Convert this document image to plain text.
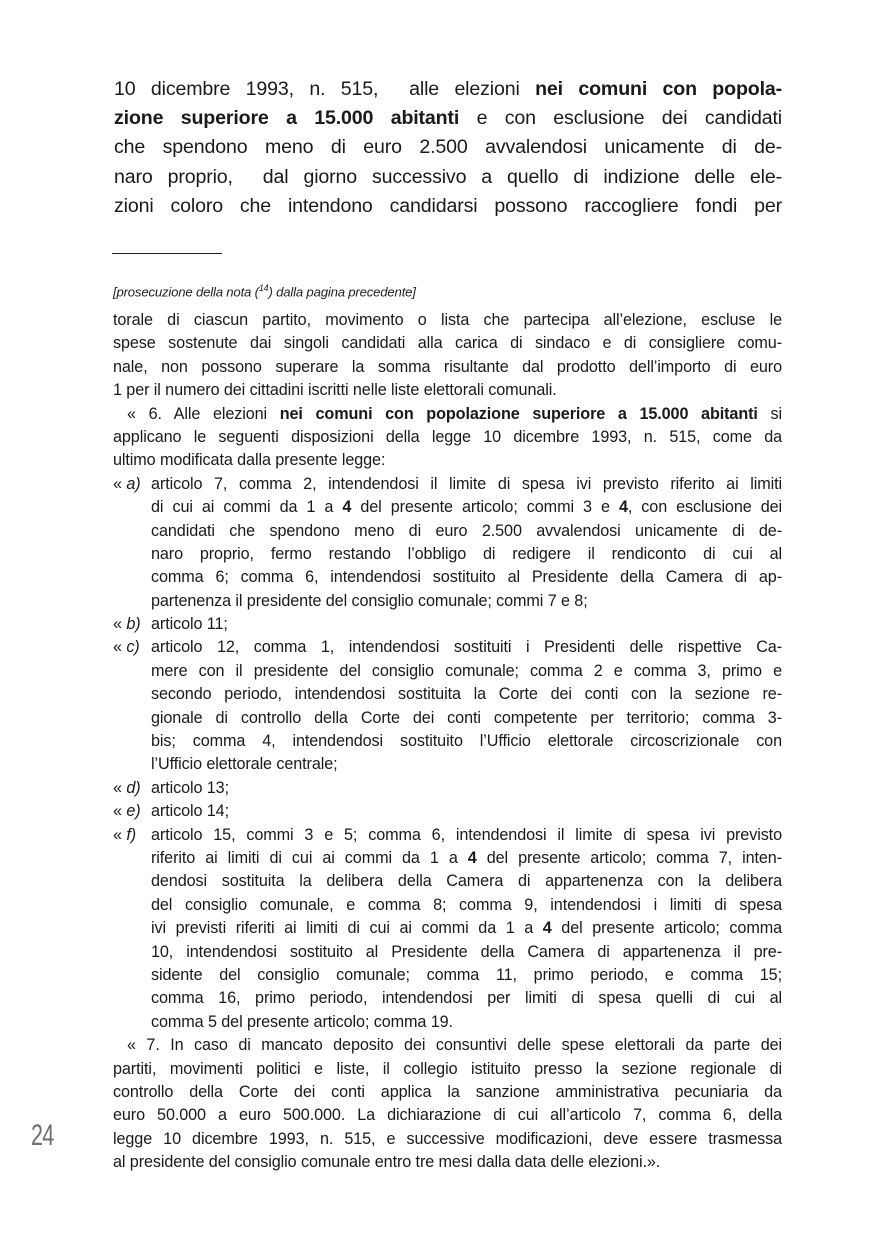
10 dicembre 1993, n. 515,  alle elezioni nei comuni con popola-
zione superiore a 15.000 abitanti e con esclusione dei candidati
che spendono meno di euro 2.500 avvalendosi unicamente di de-
naro proprio,  dal giorno successivo a quello di indizione delle ele-
zioni coloro che intendono candidarsi possono raccogliere fondi per
[prosecuzione della nota ($^{14}$) dalla pagina precedente]
torale di ciascun partito, movimento o lista che partecipa all’elezione, escluse le
spese sostenute dai singoli candidati alla carica di sindaco e di consigliere comu-
nale, non possono superare la somma risultante dal prodotto dell’importo di euro
1 per il numero dei cittadini iscritti nelle liste elettorali comunali.
« 6. Alle elezioni nei comuni con popolazione superiore a 15.000 abitanti si
applicano le seguenti disposizioni della legge 10 dicembre 1993, n. 515, come da
ultimo modificata dalla presente legge:
« a) articolo 7, comma 2, intendendosi il limite di spesa ivi previsto riferito ai limiti
di cui ai commi da 1 a 4 del presente articolo; commi 3 e 4, con esclusione dei
candidati che spendono meno di euro 2.500 avvalendosi unicamente di de-
naro proprio, fermo restando l’obbligo di redigere il rendiconto di cui al
comma 6; comma 6, intendendosi sostituito al Presidente della Camera di ap-
partenenza il presidente del consiglio comunale; commi 7 e 8;
« b) articolo 11;
« c) articolo 12, comma 1, intendendosi sostituiti i Presidenti delle rispettive Ca-
mere con il presidente del consiglio comunale; comma 2 e comma 3, primo e
secondo periodo, intendendosi sostituita la Corte dei conti con la sezione re-
gionale di controllo della Corte dei conti competente per territorio; comma 3-
bis; comma 4, intendendosi sostituito l’Ufficio elettorale circoscrizionale con
l’Ufficio elettorale centrale;
« d) articolo 13;
« e) articolo 14;
« f) articolo 15, commi 3 e 5; comma 6, intendendosi il limite di spesa ivi previsto
riferito ai limiti di cui ai commi da 1 a 4 del presente articolo; comma 7, inten-
dendosi sostituita la delibera della Camera di appartenenza con la delibera
del consiglio comunale, e comma 8; comma 9, intendendosi i limiti di spesa
ivi previsti riferiti ai limiti di cui ai commi da 1 a 4 del presente articolo; comma
10, intendendosi sostituito al Presidente della Camera di appartenenza il pre-
sidente del consiglio comunale; comma 11, primo periodo, e comma 15;
comma 16, primo periodo, intendendosi per limiti di spesa quelli di cui al
comma 5 del presente articolo; comma 19.
« 7. In caso di mancato deposito dei consuntivi delle spese elettorali da parte dei
partiti, movimenti politici e liste, il collegio istituito presso la sezione regionale di
controllo della Corte dei conti applica la sanzione amministrativa pecuniaria da
euro 50.000 a euro 500.000. La dichiarazione di cui all’articolo 7, comma 6, della
legge 10 dicembre 1993, n. 515, e successive modificazioni, deve essere trasmessa
al presidente del consiglio comunale entro tre mesi dalla data delle elezioni.».
24
